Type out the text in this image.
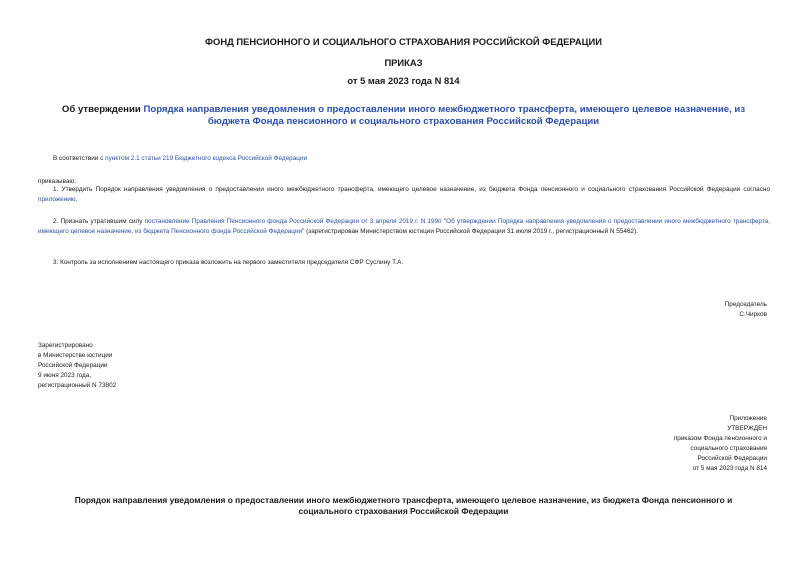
ФОНД ПЕНСИОННОГО И СОЦИАЛЬНОГО СТРАХОВАНИЯ РОССИЙСКОЙ ФЕДЕРАЦИИ
ПРИКАЗ
от 5 мая 2023 года N 814
Об утверждении Порядка направления уведомления о предоставлении иного межбюджетного трансферта, имеющего целевое назначение, из бюджета Фонда пенсионного и социального страхования Российской Федерации
В соответствии с пунктом 2.1 статьи 219 Бюджетного кодекса Российской Федерации
приказываю:
1. Утвердить Порядок направления уведомления о предоставлении иного межбюджетного трансферта, имеющего целевое назначение, из бюджета Фонда пенсионного и социального страхования Российской Федерации согласно приложению.
2. Признать утратившим силу постановление Правления Пенсионного фонда Российской Федерации от 3 апреля 2019 г. N 199п "Об утверждении Порядка направления уведомления о предоставлении иного межбюджетного трансферта, имеющего целевое назначение, из бюджета Пенсионного фонда Российской Федерации" (зарегистрирован Министерством юстиции Российской Федерации 31 июля 2019 г., регистрационный N 55462).
3. Контроль за исполнением настоящего приказа возложить на первого заместителя председателя СФР Суслину Т.А.
Председатель
С.Чирков
Зарегистрировано
в Министерстве юстиции
Российской Федерации
9 июня 2023 года,
регистрационный N 73802
Приложение
УТВЕРЖДЕН
приказом Фонда пенсионного и
социального страхования
Российской Федерации
от 5 мая 2023 года N 814
Порядок направления уведомления о предоставлении иного межбюджетного трансферта, имеющего целевое назначение, из бюджета Фонда пенсионного и
социального страхования Российской Федерации
